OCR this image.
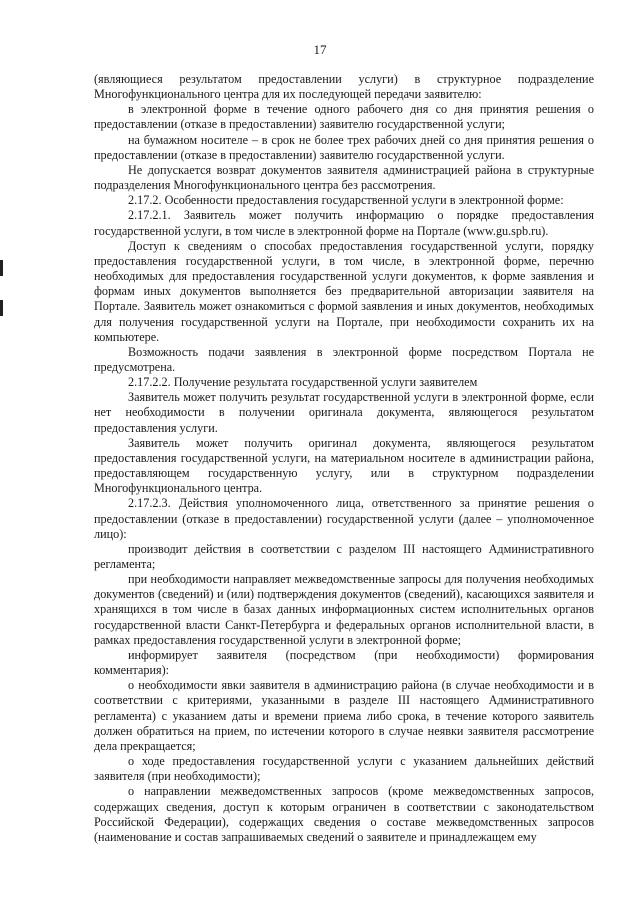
17

(являющиеся результатом предоставлении услуги) в структурное подразделение Многофункционального центра для их последующей передачи заявителю:

в электронной форме в течение одного рабочего дня со дня принятия решения о предоставлении (отказе в предоставлении) заявителю государственной услуги;

на бумажном носителе – в срок не более трех рабочих дней со дня принятия решения о предоставлении (отказе в предоставлении) заявителю государственной услуги.

Не допускается возврат документов заявителя администрацией района в структурные подразделения Многофункционального центра без рассмотрения.

2.17.2. Особенности предоставления государственной услуги в электронной форме:

2.17.2.1. Заявитель может получить информацию о порядке предоставления государственной услуги, в том числе в электронной форме на Портале (www.gu.spb.ru).

Доступ к сведениям о способах предоставления государственной услуги, порядку предоставления государственной услуги, в том числе, в электронной форме, перечню необходимых для предоставления государственной услуги документов, к форме заявления и формам иных документов выполняется без предварительной авторизации заявителя на Портале. Заявитель может ознакомиться с формой заявления и иных документов, необходимых для получения государственной услуги на Портале, при необходимости сохранить их на компьютере.

Возможность подачи заявления в электронной форме посредством Портала не предусмотрена.

2.17.2.2. Получение результата государственной услуги заявителем

Заявитель может получить результат государственной услуги в электронной форме, если нет необходимости в получении оригинала документа, являющегося результатом предоставления услуги.

Заявитель может получить оригинал документа, являющегося результатом предоставления государственной услуги, на материальном носителе в администрации района, предоставляющем государственную услугу, или в структурном подразделении Многофункционального центра.

2.17.2.3. Действия уполномоченного лица, ответственного за принятие решения о предоставлении (отказе в предоставлении) государственной услуги (далее – уполномоченное лицо):

производит действия в соответствии с разделом III настоящего Административного регламента;

при необходимости направляет межведомственные запросы для получения необходимых документов (сведений) и (или) подтверждения документов (сведений), касающихся заявителя и хранящихся в том числе в базах данных информационных систем исполнительных органов государственной власти Санкт-Петербурга и федеральных органов исполнительной власти, в рамках предоставления государственной услуги в электронной форме;

информирует заявителя (посредством (при необходимости) формирования комментария):

о необходимости явки заявителя в администрацию района (в случае необходимости и в соответствии с критериями, указанными в разделе III настоящего Административного регламента) с указанием даты и времени приема либо срока, в течение которого заявитель должен обратиться на прием, по истечении которого в случае неявки заявителя рассмотрение дела прекращается;

о ходе предоставления государственной услуги с указанием дальнейших действий заявителя (при необходимости);

о направлении межведомственных запросов (кроме межведомственных запросов, содержащих сведения, доступ к которым ограничен в соответствии с законодательством Российской Федерации), содержащих сведения о составе межведомственных запросов (наименование и состав запрашиваемых сведений о заявителе и принадлежащем ему
